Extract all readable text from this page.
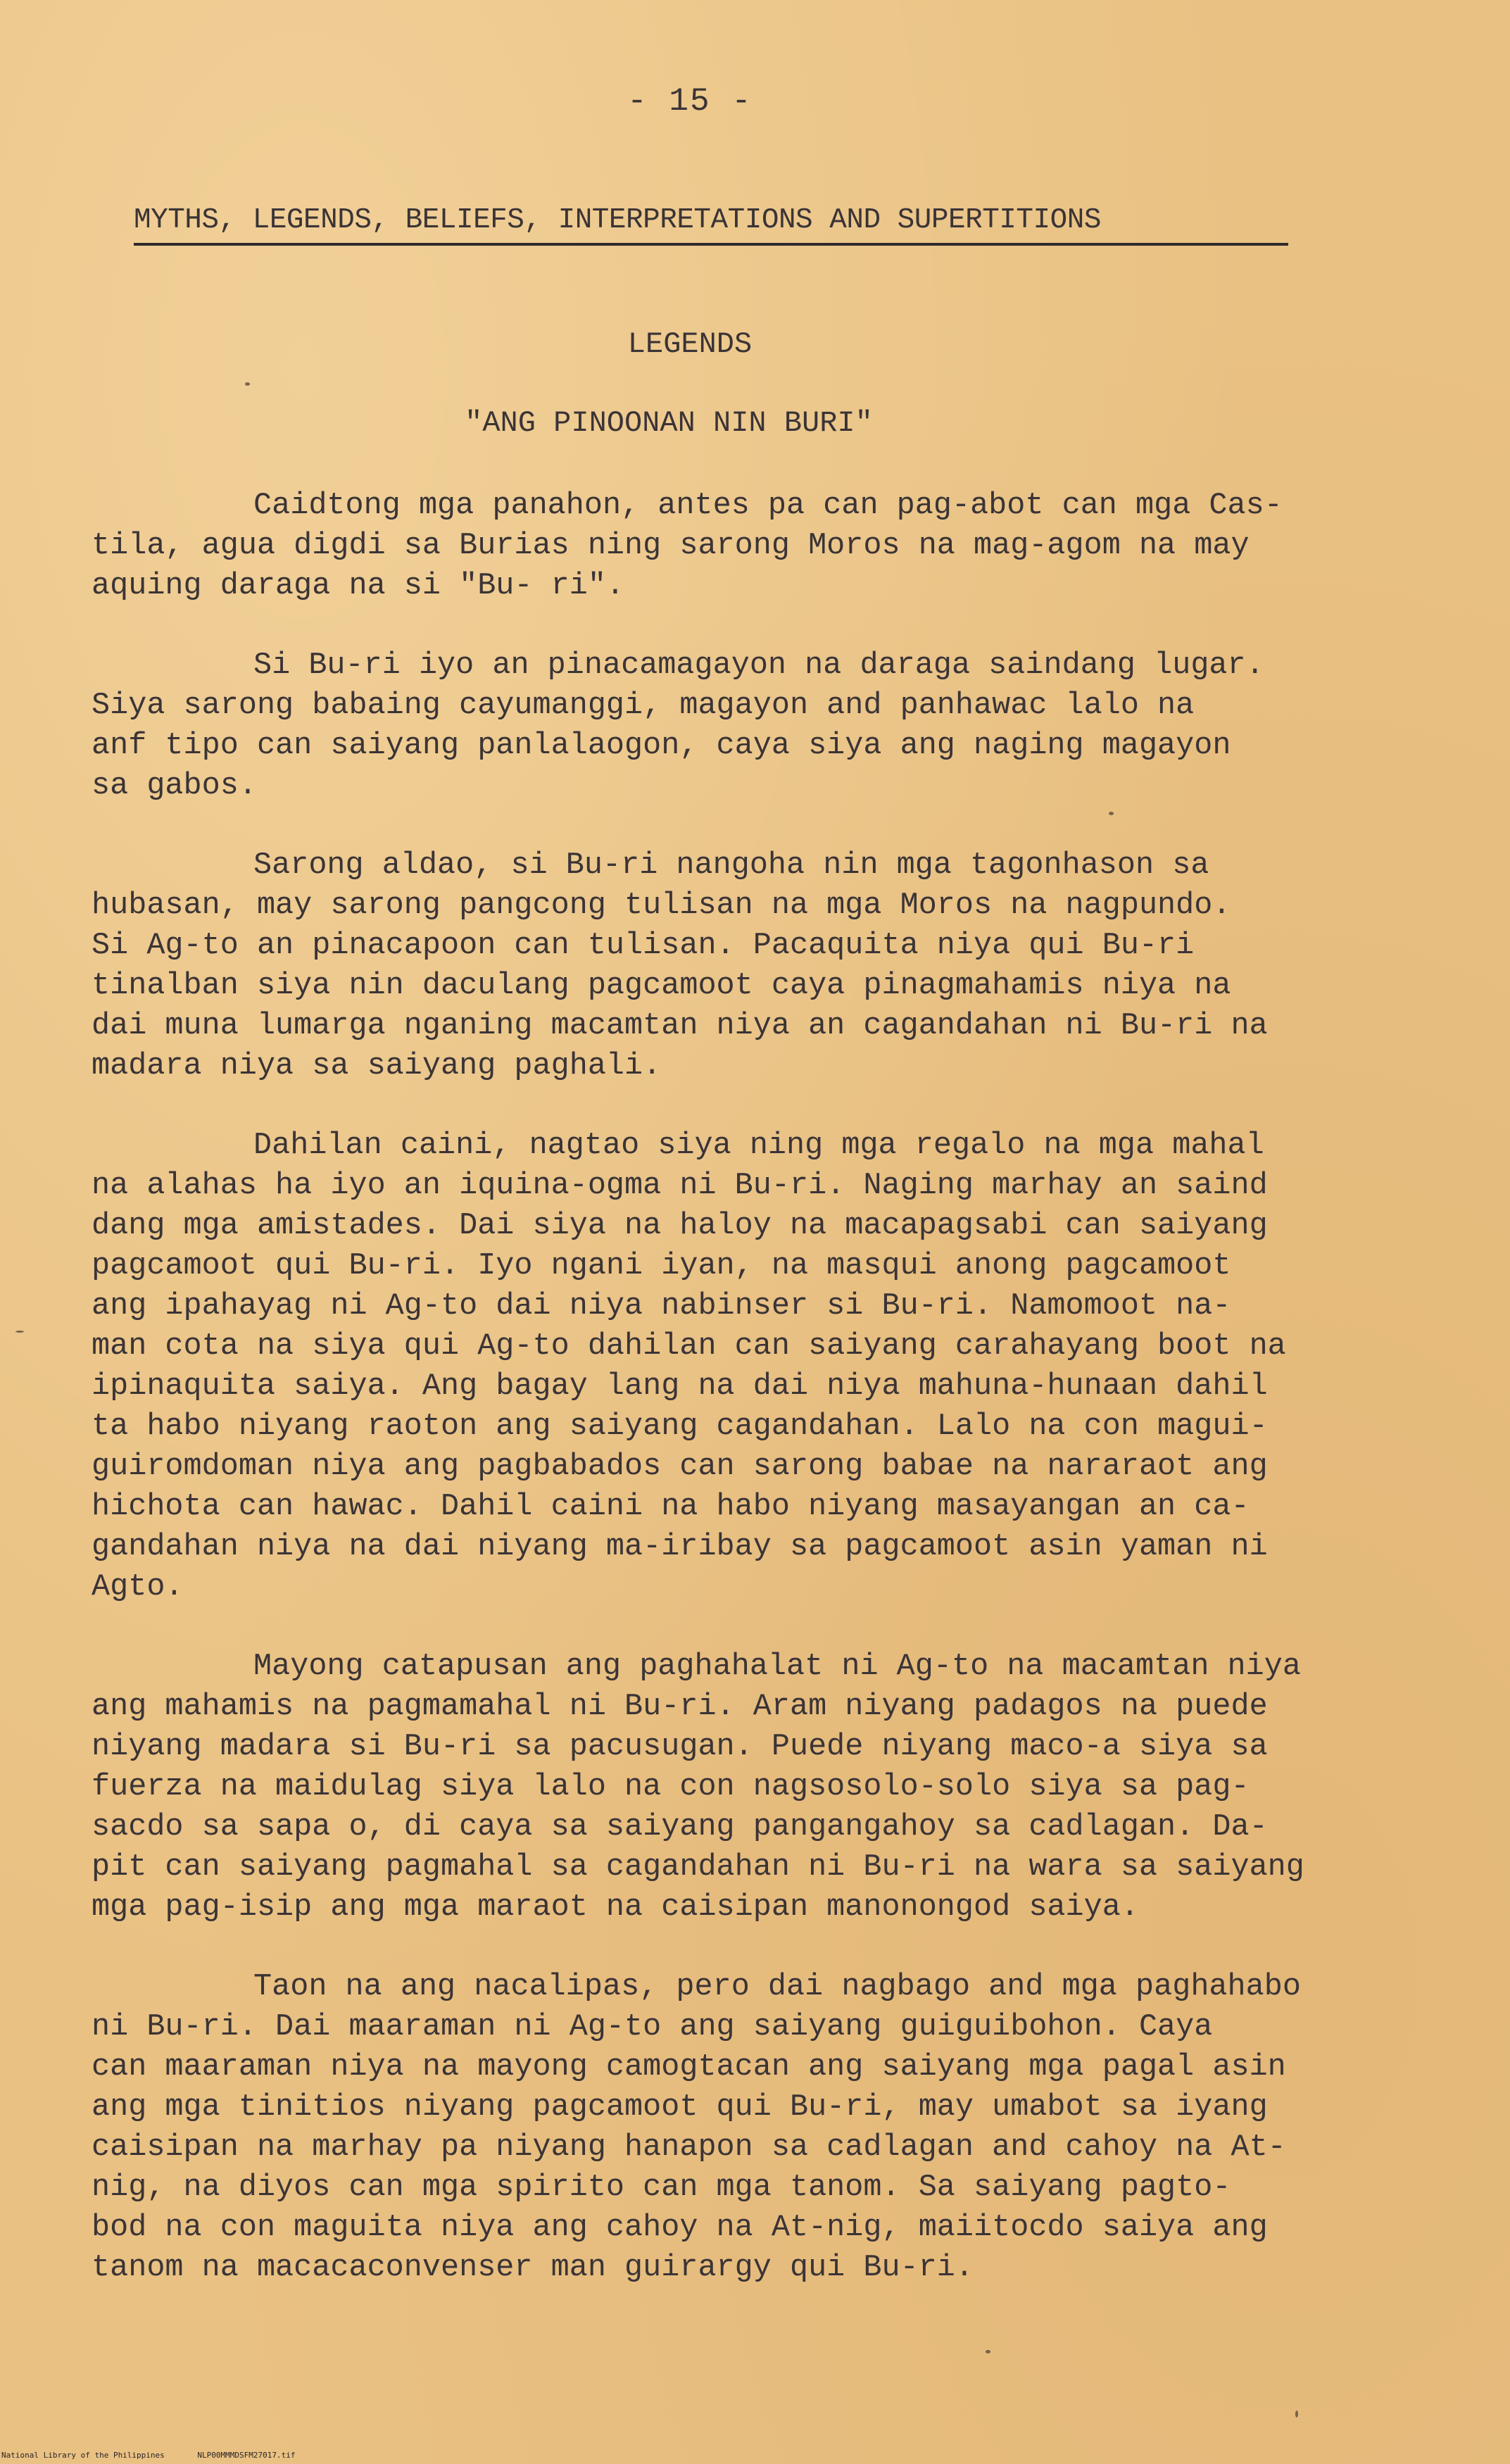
- 15 -
MYTHS, LEGENDS, BELIEFS, INTERPRETATIONS AND SUPERTITIONS
LEGENDS
"ANG PINOONAN NIN BURI"

Caidtong mga panahon, antes pa can pag-abot can mga Cas-
tila, agua digdi sa Burias ning sarong Moros na mag-agom na may
aquing daraga na si "Bu- ri".

Si Bu-ri iyo an pinacamagayon na daraga saindang lugar.
Siya sarong babaing cayumanggi, magayon and panhawac lalo na
anf tipo can saiyang panlalaogon, caya siya ang naging magayon
sa gabos.

Sarong aldao, si Bu-ri nangoha nin mga tagonhason sa
hubasan, may sarong pangcong tulisan na mga Moros na nagpundo.
Si Ag-to an pinacapoon can tulisan. Pacaquita niya qui Bu-ri
tinalban siya nin daculang pagcamoot caya pinagmahamis niya na
dai muna lumarga nganing macamtan niya an cagandahan ni Bu-ri na
madara niya sa saiyang paghali.

Dahilan caini, nagtao siya ning mga regalo na mga mahal
na alahas ha iyo an iquina-ogma ni Bu-ri. Naging marhay an saind
dang mga amistades. Dai siya na haloy na macapagsabi can saiyang
pagcamoot qui Bu-ri. Iyo ngani iyan, na masqui anong pagcamoot
ang ipahayag ni Ag-to dai niya nabinser si Bu-ri. Namomoot na-
man cota na siya qui Ag-to dahilan can saiyang carahayang boot na
ipinaquita saiya. Ang bagay lang na dai niya mahuna-hunaan dahil
ta habo niyang raoton ang saiyang cagandahan. Lalo na con magui-
guiromdoman niya ang pagbabados can sarong babae na nararaot ang
hichota can hawac. Dahil caini na habo niyang masayangan an ca-
gandahan niya na dai niyang ma-iribay sa pagcamoot asin yaman ni
Agto.

Mayong catapusan ang paghahalat ni Ag-to na macamtan niya
ang mahamis na pagmamahal ni Bu-ri. Aram niyang padagos na puede
niyang madara si Bu-ri sa pacusugan. Puede niyang maco-a siya sa
fuerza na maidulag siya lalo na con nagsosolo-solo siya sa pag-
sacdo sa sapa o, di caya sa saiyang pangangahoy sa cadlagan. Da-
pit can saiyang pagmahal sa cagandahan ni Bu-ri na wara sa saiyang
mga pag-isip ang mga maraot na caisipan manonongod saiya.

Taon na ang nacalipas, pero dai nagbago and mga paghahabo
ni Bu-ri. Dai maaraman ni Ag-to ang saiyang guiguibohon. Caya
can maaraman niya na mayong camogtacan ang saiyang mga pagal asin
ang mga tinitios niyang pagcamoot qui Bu-ri, may umabot sa iyang
caisipan na marhay pa niyang hanapon sa cadlagan and cahoy na At-
nig, na diyos can mga spirito can mga tanom. Sa saiyang pagto-
bod na con maguita niya ang cahoy na At-nig, maiitocdo saiya ang
tanom na macacaconvenser man guirargy qui Bu-ri.

National Library of the Philippines	NLP00MMMDSFM27017.tif
